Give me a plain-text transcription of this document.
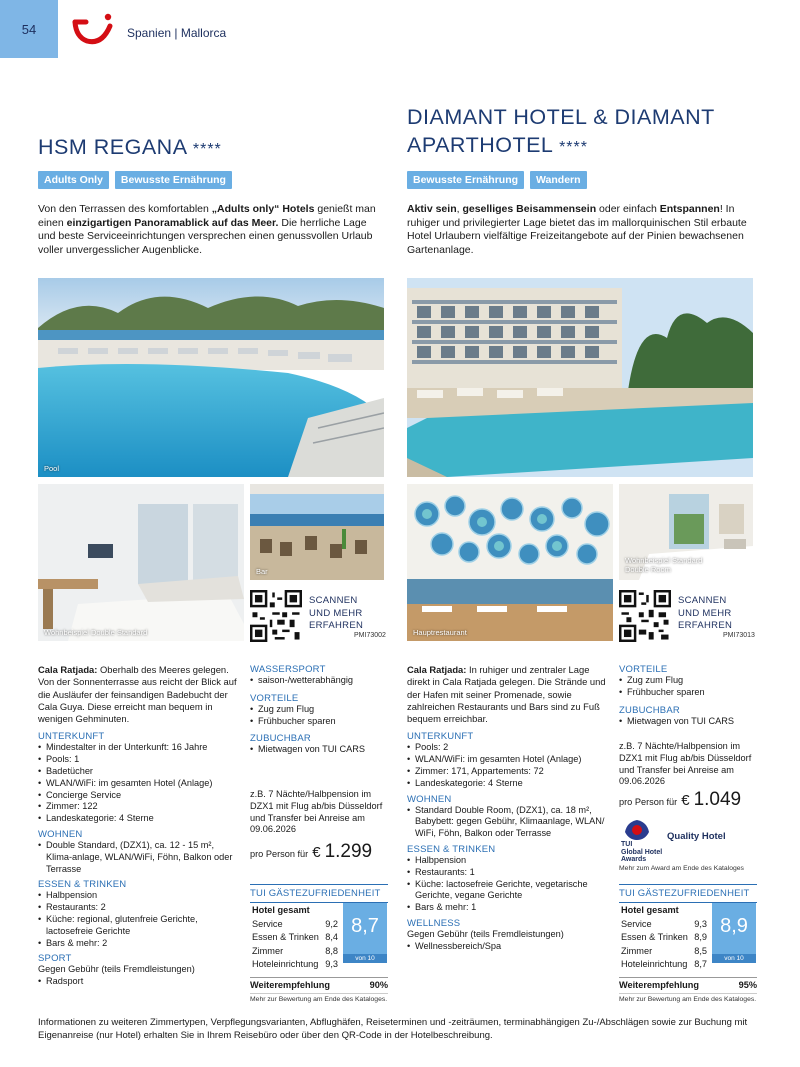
54	Spanien | Mallorca
HSM REGANA ****
Adults Only	Bewusste Ernährung

Von den Terrassen des komfortablen „Adults only“ Hotels genießt man einen einzigartigen Panoramablick auf das Meer. Die herrliche Lage und beste Serviceeinrichtungen versprechen einen genussvollen Urlaub voller unvergesslicher Augenblicke.

Pool
Wohnbeispiel Double Standard
Bar
SCANNEN
UND MEHR
ERFAHREN
PMI73002

Cala Ratjada: Oberhalb des Meeres gelegen. Von der Sonnenterrasse aus reicht der Blick auf die Ausläufer der feinsandigen Badebucht der Cala Guya. Diese erreicht man bequem in wenigen Gehminuten.

UNTERKUNFT
• Mindestalter in der Unterkunft: 16 Jahre
• Pools: 1
• Badetücher
• WLAN/WiFi: im gesamten Hotel (Anlage)
• Concierge Service
• Zimmer: 122
• Landeskategorie: 4 Sterne
WOHNEN
• Double Standard, (DZX1), ca. 12 - 15 m², Klima-anlage, WLAN/WiFi, Föhn, Balkon oder Terrasse
ESSEN & TRINKEN
• Halbpension
• Restaurants: 2
• Küche: regional, glutenfreie Gerichte, lactosefreie Gerichte
• Bars & mehr: 2
SPORT
Gegen Gebühr (teils Fremdleistungen)
• Radsport
WASSERSPORT
• saison-/wetterabhängig
VORTEILE
• Zug zum Flug
• Frühbucher sparen
ZUBUCHBAR
• Mietwagen von TUI CARS

z.B. 7 Nächte/Halbpension im DZX1 mit Flug ab/bis Düsseldorf und Transfer bei Anreise am 09.06.2026

pro Person für € 1.299
TUI GÄSTEZUFRIEDENHEIT
Hotel gesamt	
Service	9,2
Essen & Trinken	8,4
Zimmer	8,8
Hoteleinrichtung	9,3
8,7
von 10
Weiterempfehlung	90%
Mehr zur Bewertung am Ende des Kataloges.
DIAMANT HOTEL & DIAMANT
APARTHOTEL ****
Bewusste Ernährung	Wandern

Aktiv sein, geselliges Beisammensein oder einfach Entspannen! In ruhiger und privilegierter Lage bietet das im mallorquinischen Stil erbaute Hotel Urlaubern vielfältige Freizeitangebote auf der Pinien bewachsenen Gartenanlage.

Hauptrestaurant
Wohnbeispiel Standard Double Room
SCANNEN
UND MEHR
ERFAHREN
PMI73013

Cala Ratjada: In ruhiger und zentraler Lage direkt in Cala Ratjada gelegen. Die Strände und der Hafen mit seiner Promenade, sowie zahlreichen Restaurants und Bars sind zu Fuß bequem erreichbar.

UNTERKUNFT
• Pools: 2
• WLAN/WiFi: im gesamten Hotel (Anlage)
• Zimmer: 171, Appartements: 72
• Landeskategorie: 4 Sterne
WOHNEN
• Standard Double Room, (DZX1), ca. 18 m², Babybett: gegen Gebühr, Klimaanlage, WLAN/ WiFi, Föhn, Balkon oder Terrasse
ESSEN & TRINKEN
• Halbpension
• Restaurants: 1
• Küche: lactosefreie Gerichte, vegetarische Gerichte, vegane Gerichte
• Bars & mehr: 1
WELLNESS
Gegen Gebühr (teils Fremdleistungen)
• Wellnessbereich/Spa
VORTEILE
• Zug zum Flug
• Frühbucher sparen
ZUBUCHBAR
• Mietwagen von TUI CARS

z.B. 7 Nächte/Halbpension im DZX1 mit Flug ab/bis Düsseldorf und Transfer bei Anreise am 09.06.2026

pro Person für € 1.049
Quality Hotel
TUI
Global Hotel
Awards
Mehr zum Award am Ende des Kataloges
TUI GÄSTEZUFRIEDENHEIT
Hotel gesamt	
Service	9,3
Essen & Trinken	8,9
Zimmer	8,5
Hoteleinrichtung	8,7
8,9
von 10
Weiterempfehlung	95%
Mehr zur Bewertung am Ende des Kataloges.

Informationen zu weiteren Zimmertypen, Verpflegungsvarianten, Abflughäfen, Reiseterminen und -zeiträumen, terminabhängigen Zu-/Abschlägen sowie zur Buchung mit Eigenanreise (nur Hotel) erhalten Sie in Ihrem Reisebüro oder über den QR-Code in der Hotelbeschreibung.
